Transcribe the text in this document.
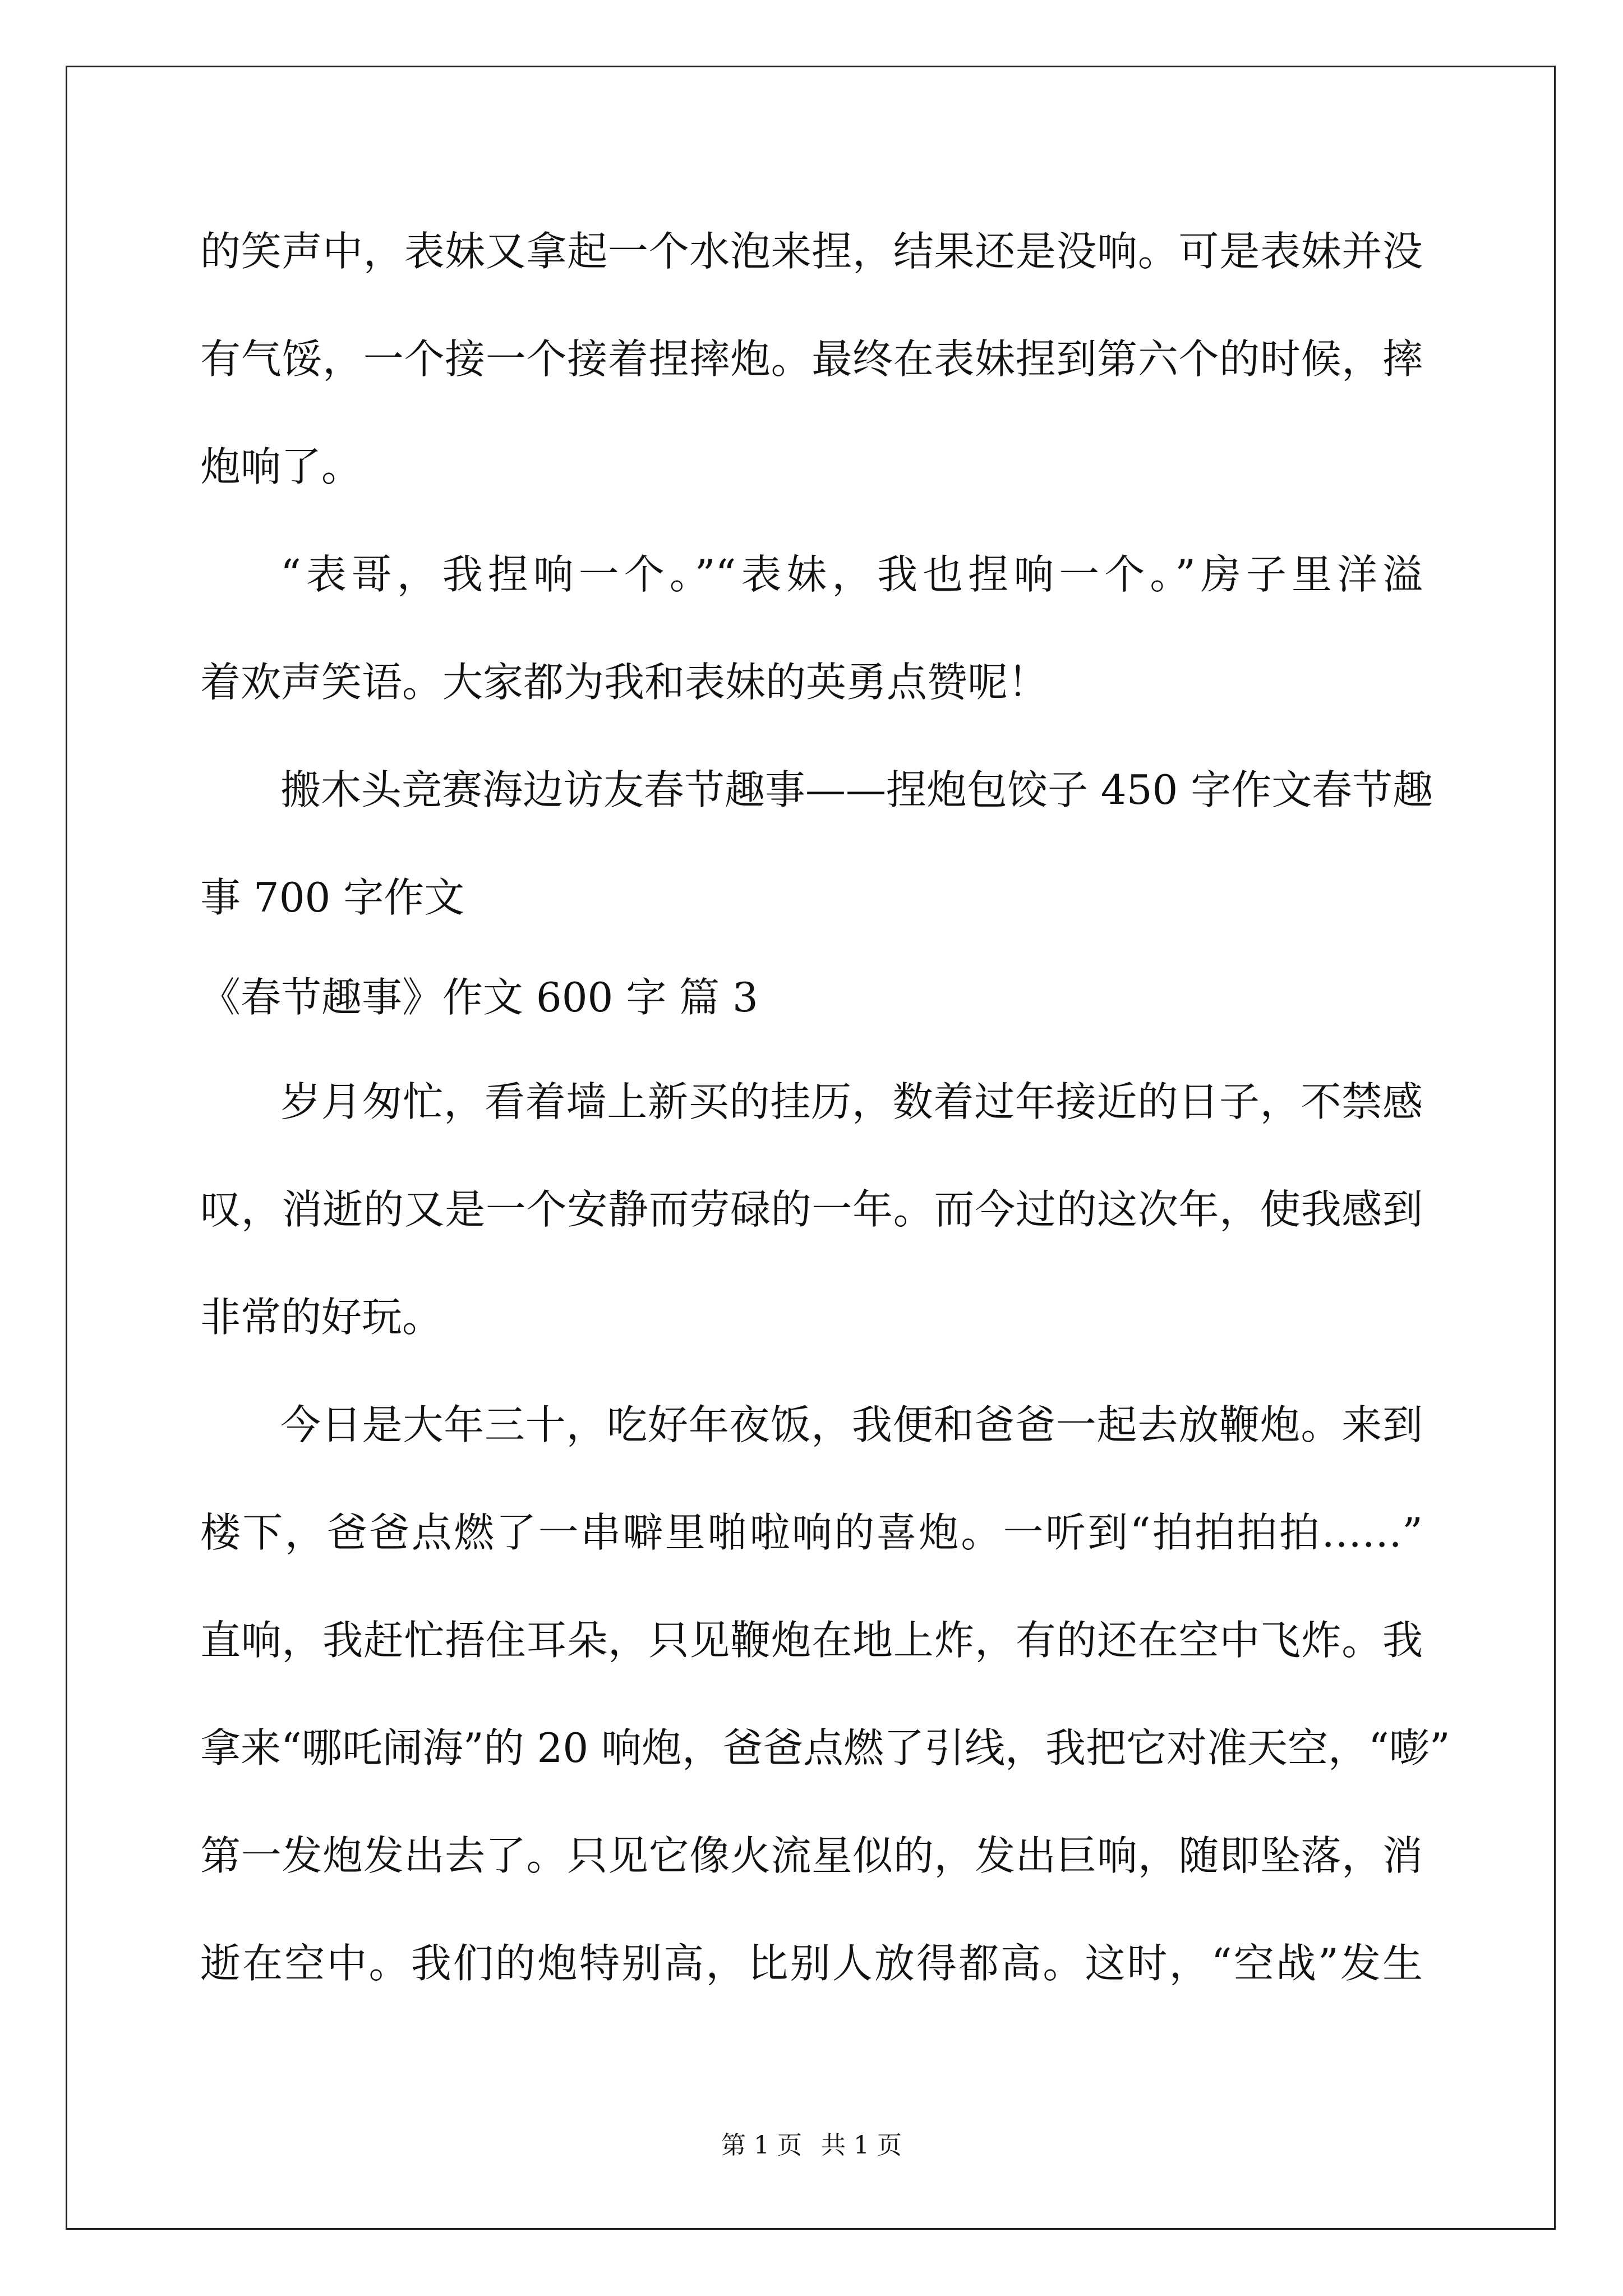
的笑声中，表妹又拿起一个水泡来捏，结果还是没响。可是表妹并没
有气馁，一个接一个接着捏摔炮。最终在表妹捏到第六个的时候，摔
炮响了。
“表哥，我捏响一个。”“表妹，我也捏响一个。”房子里洋溢
着欢声笑语。大家都为我和表妹的英勇点赞呢！
搬木头竞赛海边访友春节趣事——捏炮包饺子 450 字作文春节趣
事 700 字作文
《春节趣事》作文 600 字 篇 3
岁月匆忙，看着墙上新买的挂历，数着过年接近的日子，不禁感
叹，消逝的又是一个安静而劳碌的一年。而今过的这次年，使我感到
非常的好玩。
今日是大年三十，吃好年夜饭，我便和爸爸一起去放鞭炮。来到
楼下，爸爸点燃了一串噼里啪啦响的喜炮。一听到“拍拍拍拍……”
直响，我赶忙捂住耳朵，只见鞭炮在地上炸，有的还在空中飞炸。我
拿来“哪吒闹海”的 20 响炮，爸爸点燃了引线，我把它对准天空，“嘭”
第一发炮发出去了。只见它像火流星似的，发出巨响，随即坠落，消
逝在空中。我们的炮特别高，比别人放得都高。这时，“空战”发生
第 1 页 共 1 页
